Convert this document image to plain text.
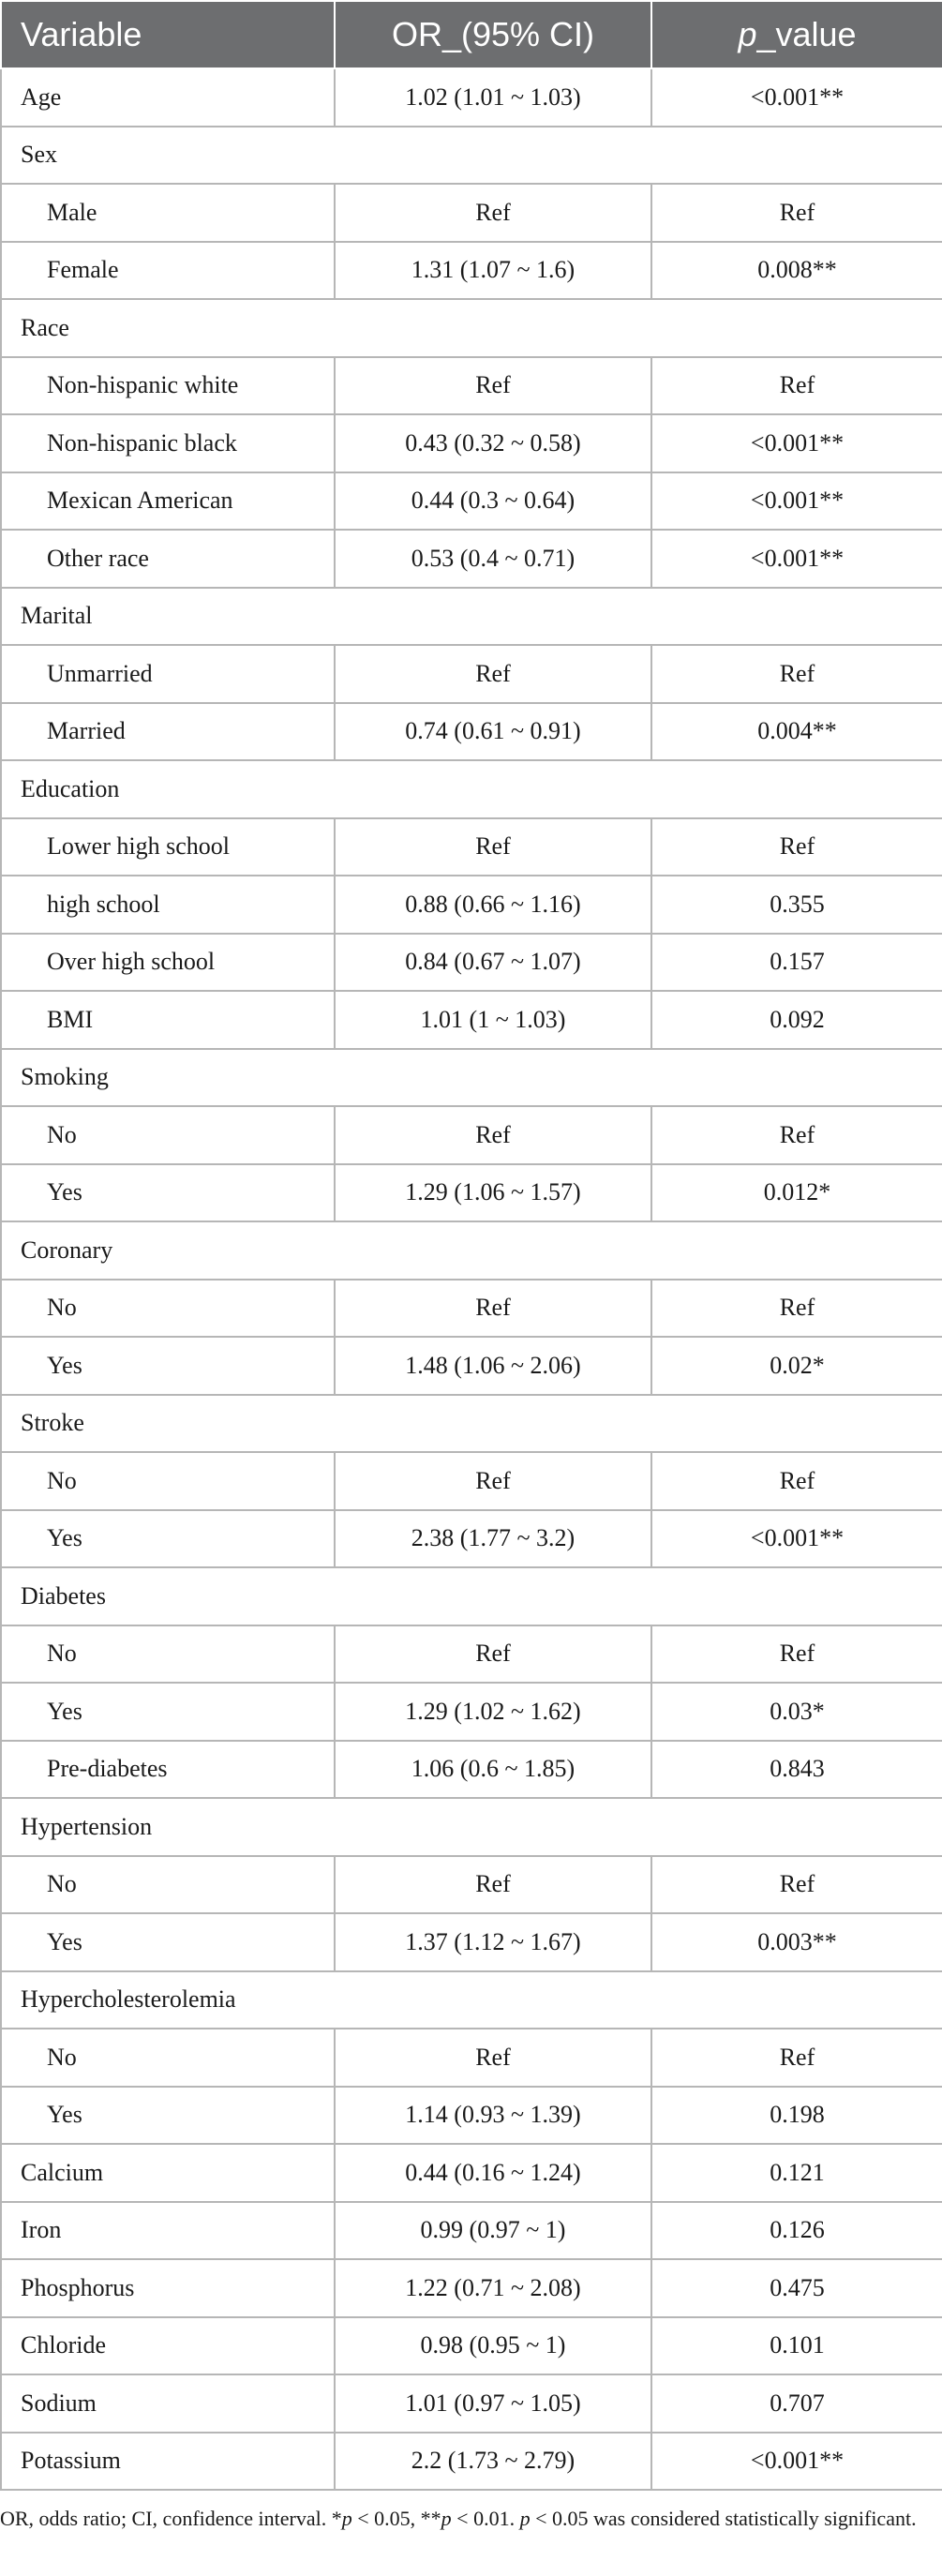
Variable	OR_(95% CI)	p_value
Age	1.02 (1.01 ~ 1.03)	<0.001**
Sex		
Male	Ref	Ref
Female	1.31 (1.07 ~ 1.6)	0.008**
Race		
Non-hispanic white	Ref	Ref
Non-hispanic black	0.43 (0.32 ~ 0.58)	<0.001**
Mexican American	0.44 (0.3 ~ 0.64)	<0.001**
Other race	0.53 (0.4 ~ 0.71)	<0.001**
Marital		
Unmarried	Ref	Ref
Married	0.74 (0.61 ~ 0.91)	0.004**
Education		
Lower high school	Ref	Ref
high school	0.88 (0.66 ~ 1.16)	0.355
Over high school	0.84 (0.67 ~ 1.07)	0.157
BMI	1.01 (1 ~ 1.03)	0.092
Smoking		
No	Ref	Ref
Yes	1.29 (1.06 ~ 1.57)	0.012*
Coronary		
No	Ref	Ref
Yes	1.48 (1.06 ~ 2.06)	0.02*
Stroke		
No	Ref	Ref
Yes	2.38 (1.77 ~ 3.2)	<0.001**
Diabetes		
No	Ref	Ref
Yes	1.29 (1.02 ~ 1.62)	0.03*
Pre-diabetes	1.06 (0.6 ~ 1.85)	0.843
Hypertension		
No	Ref	Ref
Yes	1.37 (1.12 ~ 1.67)	0.003**
Hypercholesterolemia		
No	Ref	Ref
Yes	1.14 (0.93 ~ 1.39)	0.198
Calcium	0.44 (0.16 ~ 1.24)	0.121
Iron	0.99 (0.97 ~ 1)	0.126
Phosphorus	1.22 (0.71 ~ 2.08)	0.475
Chloride	0.98 (0.95 ~ 1)	0.101
Sodium	1.01 (0.97 ~ 1.05)	0.707
Potassium	2.2 (1.73 ~ 2.79)	<0.001**
OR, odds ratio; CI, confidence interval. *p < 0.05, **p < 0.01. p < 0.05 was considered statistically significant.
